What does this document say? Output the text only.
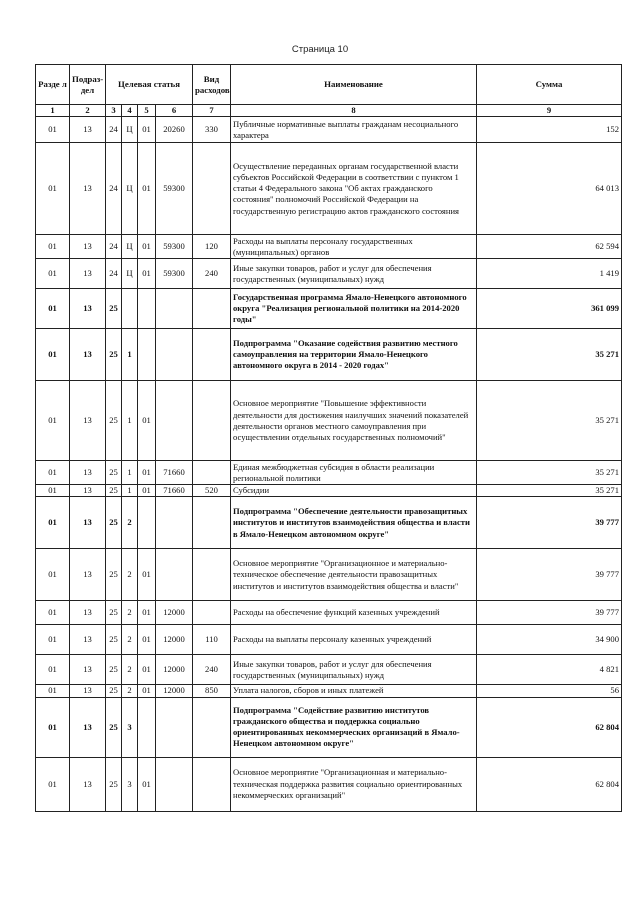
Страница 10
Разде л	Подраз- дел	Целевая статья				Вид расходов	Наименование	Сумма
1	2	3	4	5	6	7	8	9
01	13	24	Ц	01	20260	330	Публичные нормативные выплаты гражданам несоциального характера	152
01	13	24	Ц	01	59300		Осуществление переданных органам государственной власти субъектов Российской Федерации в соответствии с пунктом 1 статьи 4 Федерального закона "Об актах гражданского состояния" полномочий Российской Федерации на государственную регистрацию актов гражданского состояния	64 013
01	13	24	Ц	01	59300	120	Расходы на выплаты персоналу государственных (муниципальных) органов	62 594
01	13	24	Ц	01	59300	240	Иные закупки товаров, работ и услуг для обеспечения государственных (муниципальных) нужд	1 419
01	13	25					Государственная программа Ямало-Ненецкого автономного округа "Реализация региональной политики на 2014-2020 годы"	361 099
01	13	25	1				Подпрограмма "Оказание содействия развитию местного самоуправления на территории Ямало-Ненецкого автономного округа в 2014 - 2020 годах"	35 271
01	13	25	1	01			Основное мероприятие "Повышение эффективности деятельности для достижения наилучших значений показателей деятельности органов местного самоуправления при осуществлении отдельных государственных полномочий"	35 271
01	13	25	1	01	71660		Единая межбюджетная субсидия в области реализации региональной политики	35 271
01	13	25	1	01	71660	520	Субсидии	35 271
01	13	25	2				Подпрограмма "Обеспечение деятельности правозащитных институтов и институтов взаимодействия общества и власти в Ямало-Ненецком автономном округе"	39 777
01	13	25	2	01			Основное мероприятие "Организационное и материально-техническое обеспечение деятельности правозащитных институтов и институтов взаимодействия общества и власти"	39 777
01	13	25	2	01	12000		Расходы на обеспечение функций казенных учреждений	39 777
01	13	25	2	01	12000	110	Расходы на выплаты персоналу казенных учреждений	34 900
01	13	25	2	01	12000	240	Иные закупки товаров, работ и услуг для обеспечения государственных (муниципальных) нужд	4 821
01	13	25	2	01	12000	850	Уплата налогов, сборов и иных платежей	56
01	13	25	3				Подпрограмма "Содействие развитию институтов гражданского общества и поддержка социально ориентированных некоммерческих организаций в Ямало-Ненецком автономном округе"	62 804
01	13	25	3	01			Основное мероприятие "Организационная и материально-техническая поддержка развития социально ориентированных некоммерческих организаций"	62 804
